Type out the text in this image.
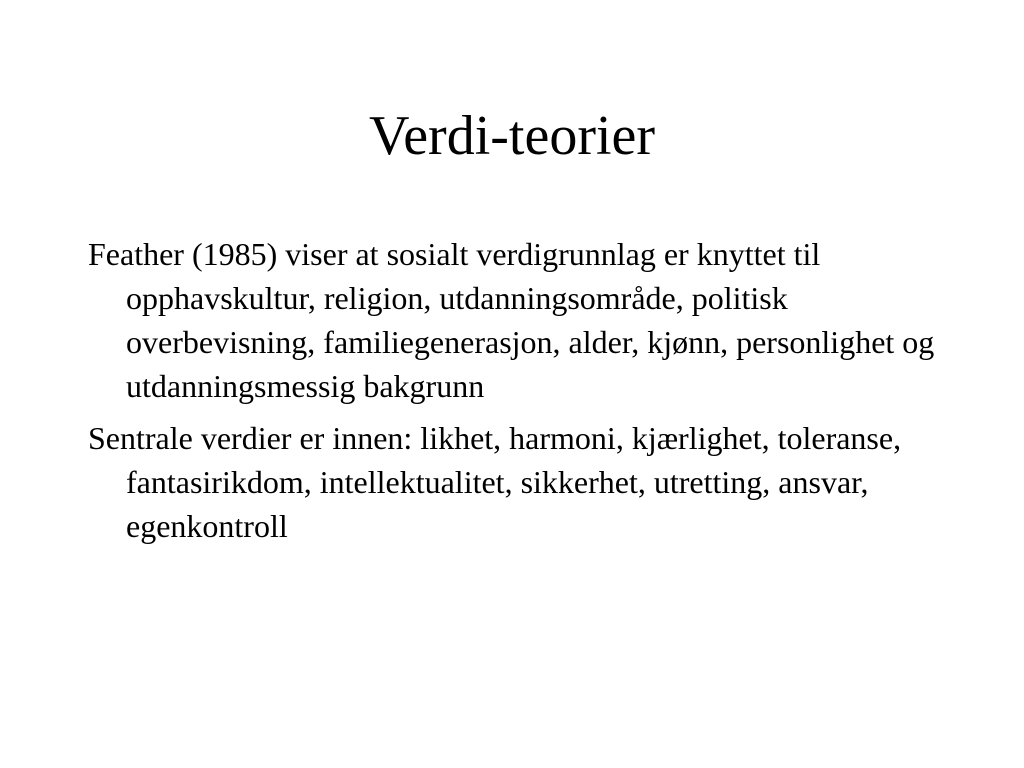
Verdi-teorier
Feather (1985) viser at sosialt verdigrunnlag er knyttet til opphavskultur, religion, utdanningsområde, politisk overbevisning, familiegenerasjon, alder, kjønn, personlighet og utdanningsmessig bakgrunn
Sentrale verdier er innen: likhet, harmoni, kjærlighet, toleranse, fantasirikdom, intellektualitet, sikkerhet, utretting, ansvar, egenkontroll
